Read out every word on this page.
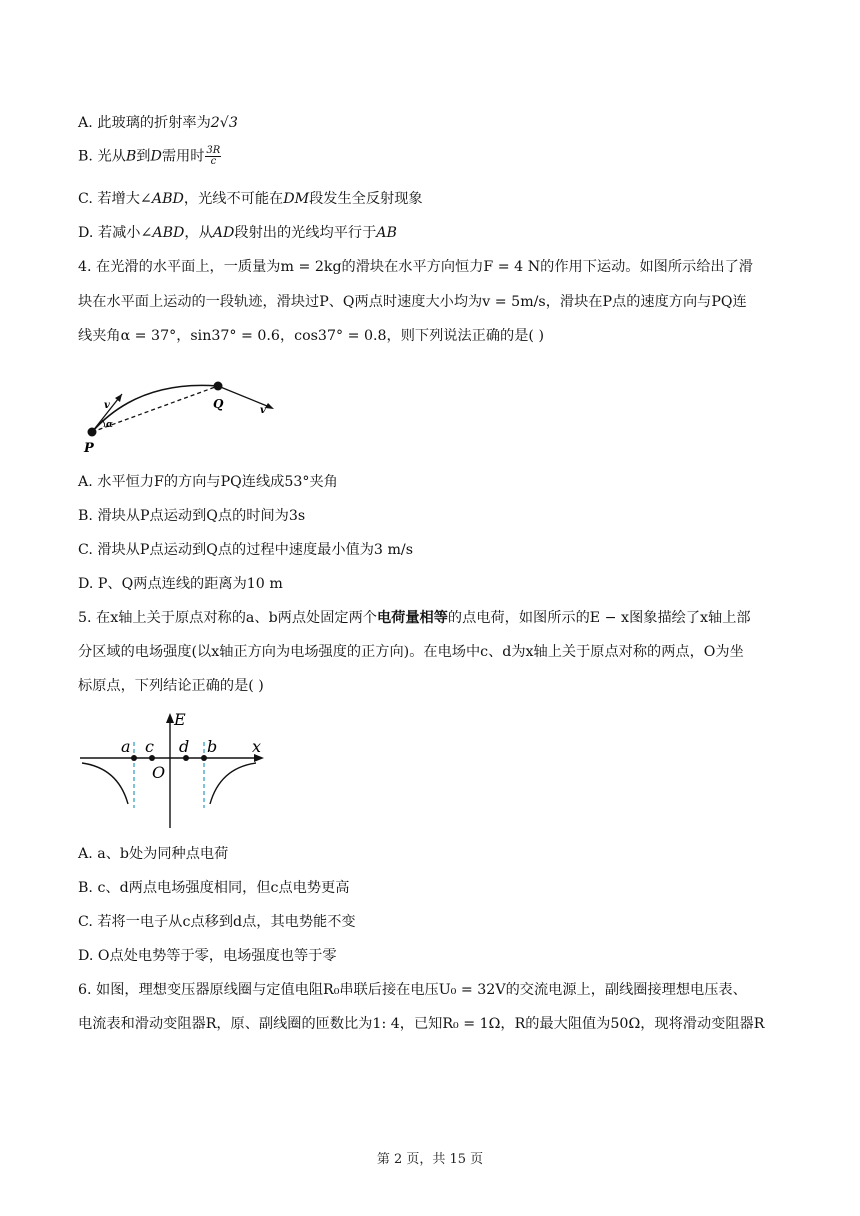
A. 此玻璃的折射率为2√3
B. 光从B到D需用时 $\frac{3R}{c}$
C. 若增大∠ABD，光线不可能在DM段发生全反射现象
D. 若减小∠ABD，从AD段射出的光线均平行于AB
4. 在光滑的水平面上，一质量为m = 2kg的滑块在水平方向恒力F = 4 N的作用下运动。如图所示给出了滑
块在水平面上运动的一段轨迹，滑块过P、Q两点时速度大小均为v = 5m/s，滑块在P点的速度方向与PQ连
线夹角α = 37°，sin37° = 0.6，cos37° = 0.8，则下列说法正确的是( )
P
Q
v	v
α
A. 水平恒力F的方向与PQ连线成53°夹角
B. 滑块从P点运动到Q点的时间为3s
C. 滑块从P点运动到Q点的过程中速度最小值为3 m/s
D. P、Q两点连线的距离为10 m
5. 在x轴上关于原点对称的a、b两点处固定两个电荷量相等的点电荷，如图所示的E − x图象描绘了x轴上部
分区域的电场强度(以x轴正方向为电场强度的正方向)。在电场中c、d为x轴上关于原点对称的两点，O为坐
标原点，下列结论正确的是( )
E
x
a c d b
O
A. a、b处为同种点电荷
B. c、d两点电场强度相同，但c点电势更高
C. 若将一电子从c点移到d点，其电势能不变
D. O点处电势等于零，电场强度也等于零
6. 如图，理想变压器原线圈与定值电阻R₀串联后接在电压U₀ = 32V的交流电源上，副线圈接理想电压表、
电流表和滑动变阻器R，原、副线圈的匝数比为1: 4，已知R₀ = 1Ω，R的最大阻值为50Ω，现将滑动变阻器R
第 2 页，共 15 页
